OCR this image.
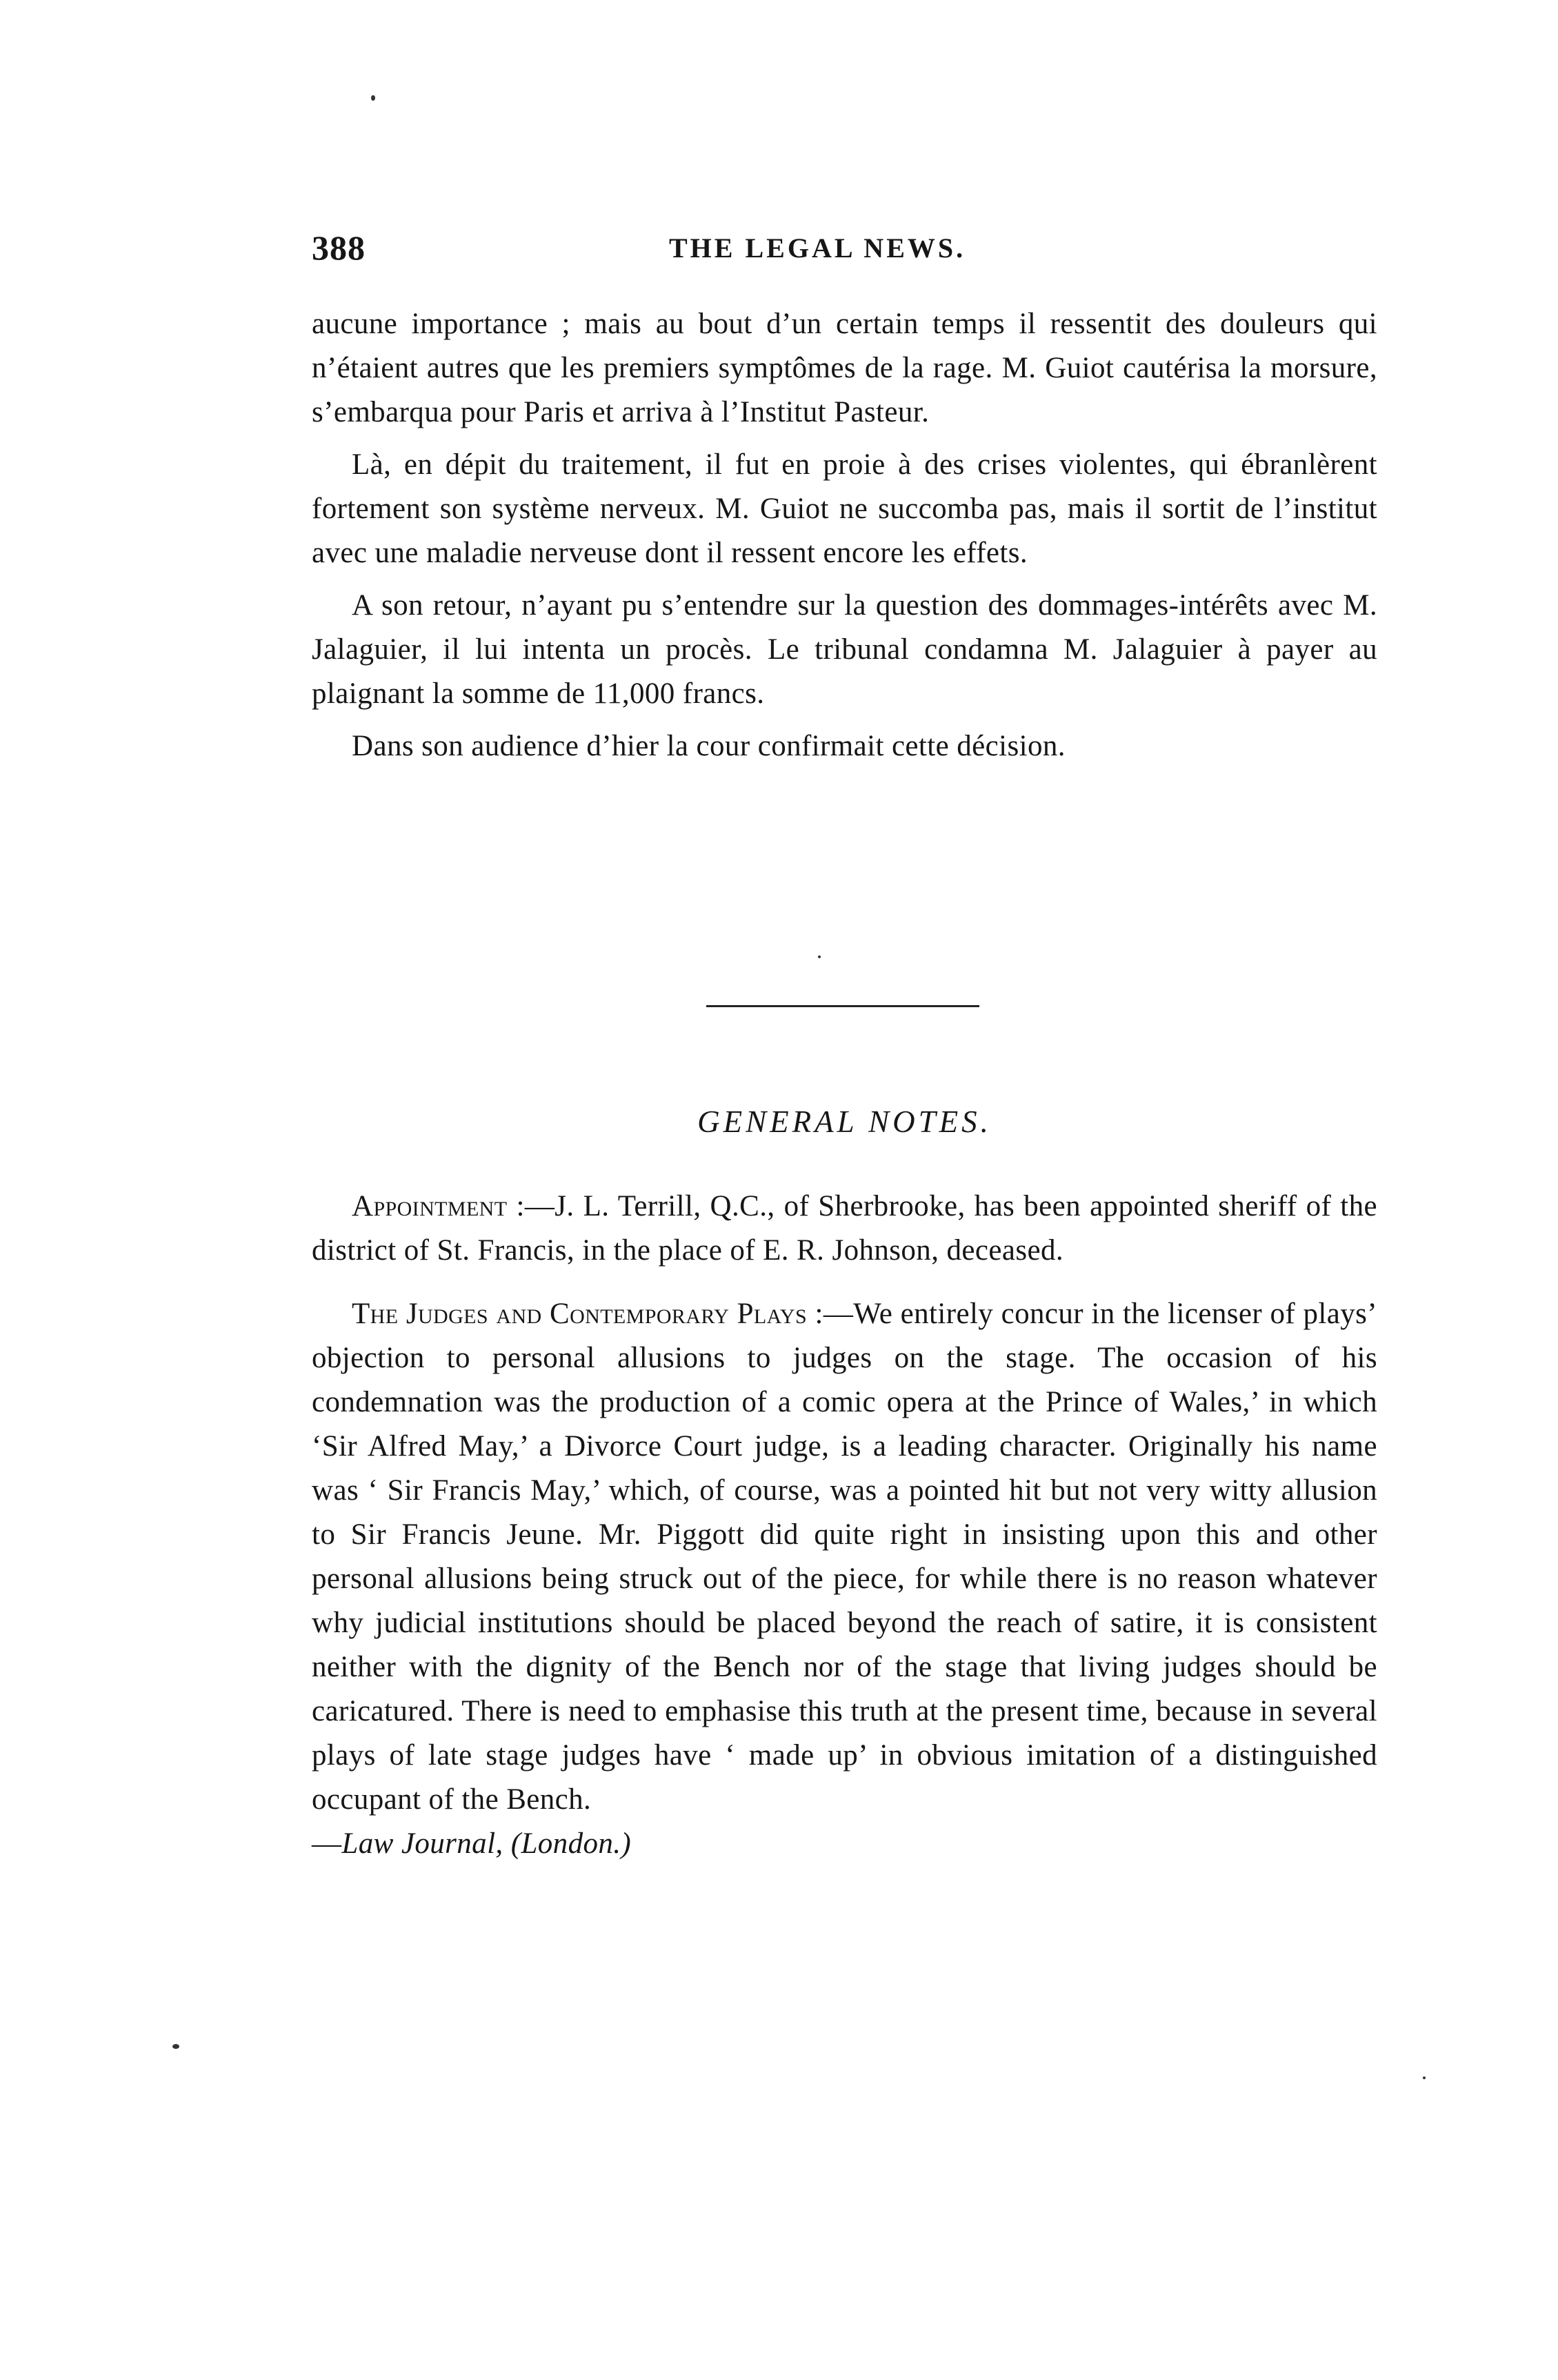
388	THE LEGAL NEWS.

aucune importance ; mais au bout d’un certain temps il ressentit des douleurs qui n’étaient autres que les premiers symptômes de la rage. M. Guiot cautérisa la morsure, s’embarqua pour Paris et arriva à l’Institut Pasteur.

Là, en dépit du traitement, il fut en proie à des crises violentes, qui ébranlèrent fortement son système nerveux. M. Guiot ne succomba pas, mais il sortit de l’institut avec une maladie nerveuse dont il ressent encore les effets.

A son retour, n’ayant pu s’entendre sur la question des dommages-intérêts avec M. Jalaguier, il lui intenta un procès. Le tribunal condamna M. Jalaguier à payer au plaignant la somme de 11,000 francs.

Dans son audience d’hier la cour confirmait cette décision.

GENERAL NOTES.

Appointment :—J. L. Terrill, Q.C., of Sherbrooke, has been appointed sheriff of the district of St. Francis, in the place of E. R. Johnson, deceased.

The Judges and Contemporary Plays :—We entirely concur in the licenser of plays’ objection to personal allusions to judges on the stage. The occasion of his condemnation was the production of a comic opera at the Prince of Wales,’ in which ‘Sir Alfred May,’ a Divorce Court judge, is a leading character. Originally his name was ‘ Sir Francis May,’ which, of course, was a pointed hit but not very witty allusion to Sir Francis Jeune. Mr. Piggott did quite right in insisting upon this and other personal allusions being struck out of the piece, for while there is no reason whatever why judicial institutions should be placed beyond the reach of satire, it is consistent neither with the dignity of the Bench nor of the stage that living judges should be caricatured. There is need to emphasise this truth at the present time, because in several plays of late stage judges have ‘ made up’ in obvious imitation of a distinguished occupant of the Bench.

—Law Journal, (London.)
